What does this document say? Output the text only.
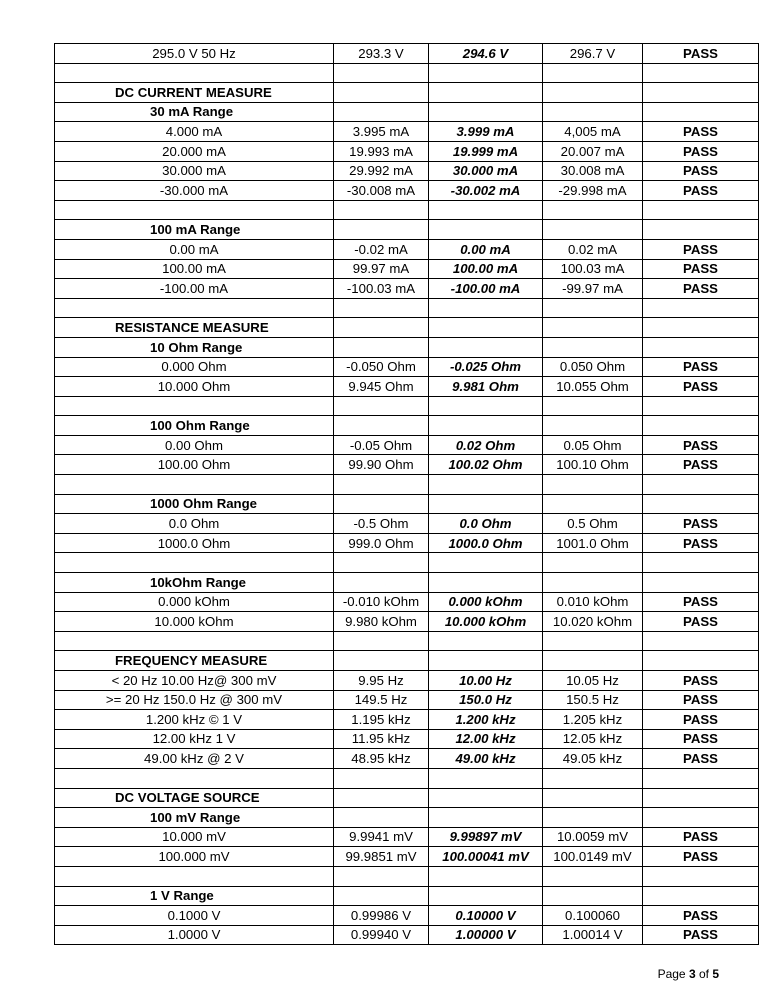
295.0 V 50 Hz	293.3 V	294.6 V	296.7 V	PASS

DC CURRENT MEASURE				
30 mA Range				
4.000 mA	3.995 mA	3.999 mA	4,005 mA	PASS
20.000 mA	19.993 mA	19.999 mA	20.007 mA	PASS
30.000 mA	29.992 mA	30.000 mA	30.008 mA	PASS
-30.000 mA	-30.008 mA	-30.002 mA	-29.998 mA	PASS

100 mA Range				
0.00 mA	-0.02 mA	0.00 mA	0.02 mA	PASS
100.00 mA	99.97 mA	100.00 mA	100.03 mA	PASS
-100.00 mA	-100.03 mA	-100.00 mA	-99.97 mA	PASS

RESISTANCE MEASURE				
10 Ohm Range				
0.000 Ohm	-0.050 Ohm	-0.025 Ohm	0.050 Ohm	PASS
10.000 Ohm	9.945 Ohm	9.981 Ohm	10.055 Ohm	PASS

100 Ohm Range				
0.00 Ohm	-0.05 Ohm	0.02 Ohm	0.05 Ohm	PASS
100.00 Ohm	99.90 Ohm	100.02 Ohm	100.10 Ohm	PASS

1000 Ohm Range				
0.0 Ohm	-0.5 Ohm	0.0 Ohm	0.5 Ohm	PASS
1000.0 Ohm	999.0 Ohm	1000.0 Ohm	1001.0 Ohm	PASS

10kOhm Range				
0.000 kOhm	-0.010 kOhm	0.000 kOhm	0.010 kOhm	PASS
10.000 kOhm	9.980 kOhm	10.000 kOhm	10.020 kOhm	PASS

FREQUENCY MEASURE				
< 20 Hz 10.00 Hz@ 300 mV	9.95 Hz	10.00 Hz	10.05 Hz	PASS
>= 20 Hz 150.0 Hz @ 300 mV	149.5 Hz	150.0 Hz	150.5 Hz	PASS
1.200 kHz © 1 V	1.195 kHz	1.200 kHz	1.205 kHz	PASS
12.00 kHz 1 V	11.95 kHz	12.00 kHz	12.05 kHz	PASS
49.00 kHz @ 2 V	48.95 kHz	49.00 kHz	49.05 kHz	PASS

DC VOLTAGE SOURCE				
100 mV Range				
10.000 mV	9.9941 mV	9.99897 mV	10.0059 mV	PASS
100.000 mV	99.9851 mV	100.00041 mV	100.0149 mV	PASS

1 V Range				
0.1000 V	0.99986 V	0.10000 V	0.100060	PASS
1.0000 V	0.99940 V	1.00000 V	1.00014 V	PASS
Page 3 of 5
